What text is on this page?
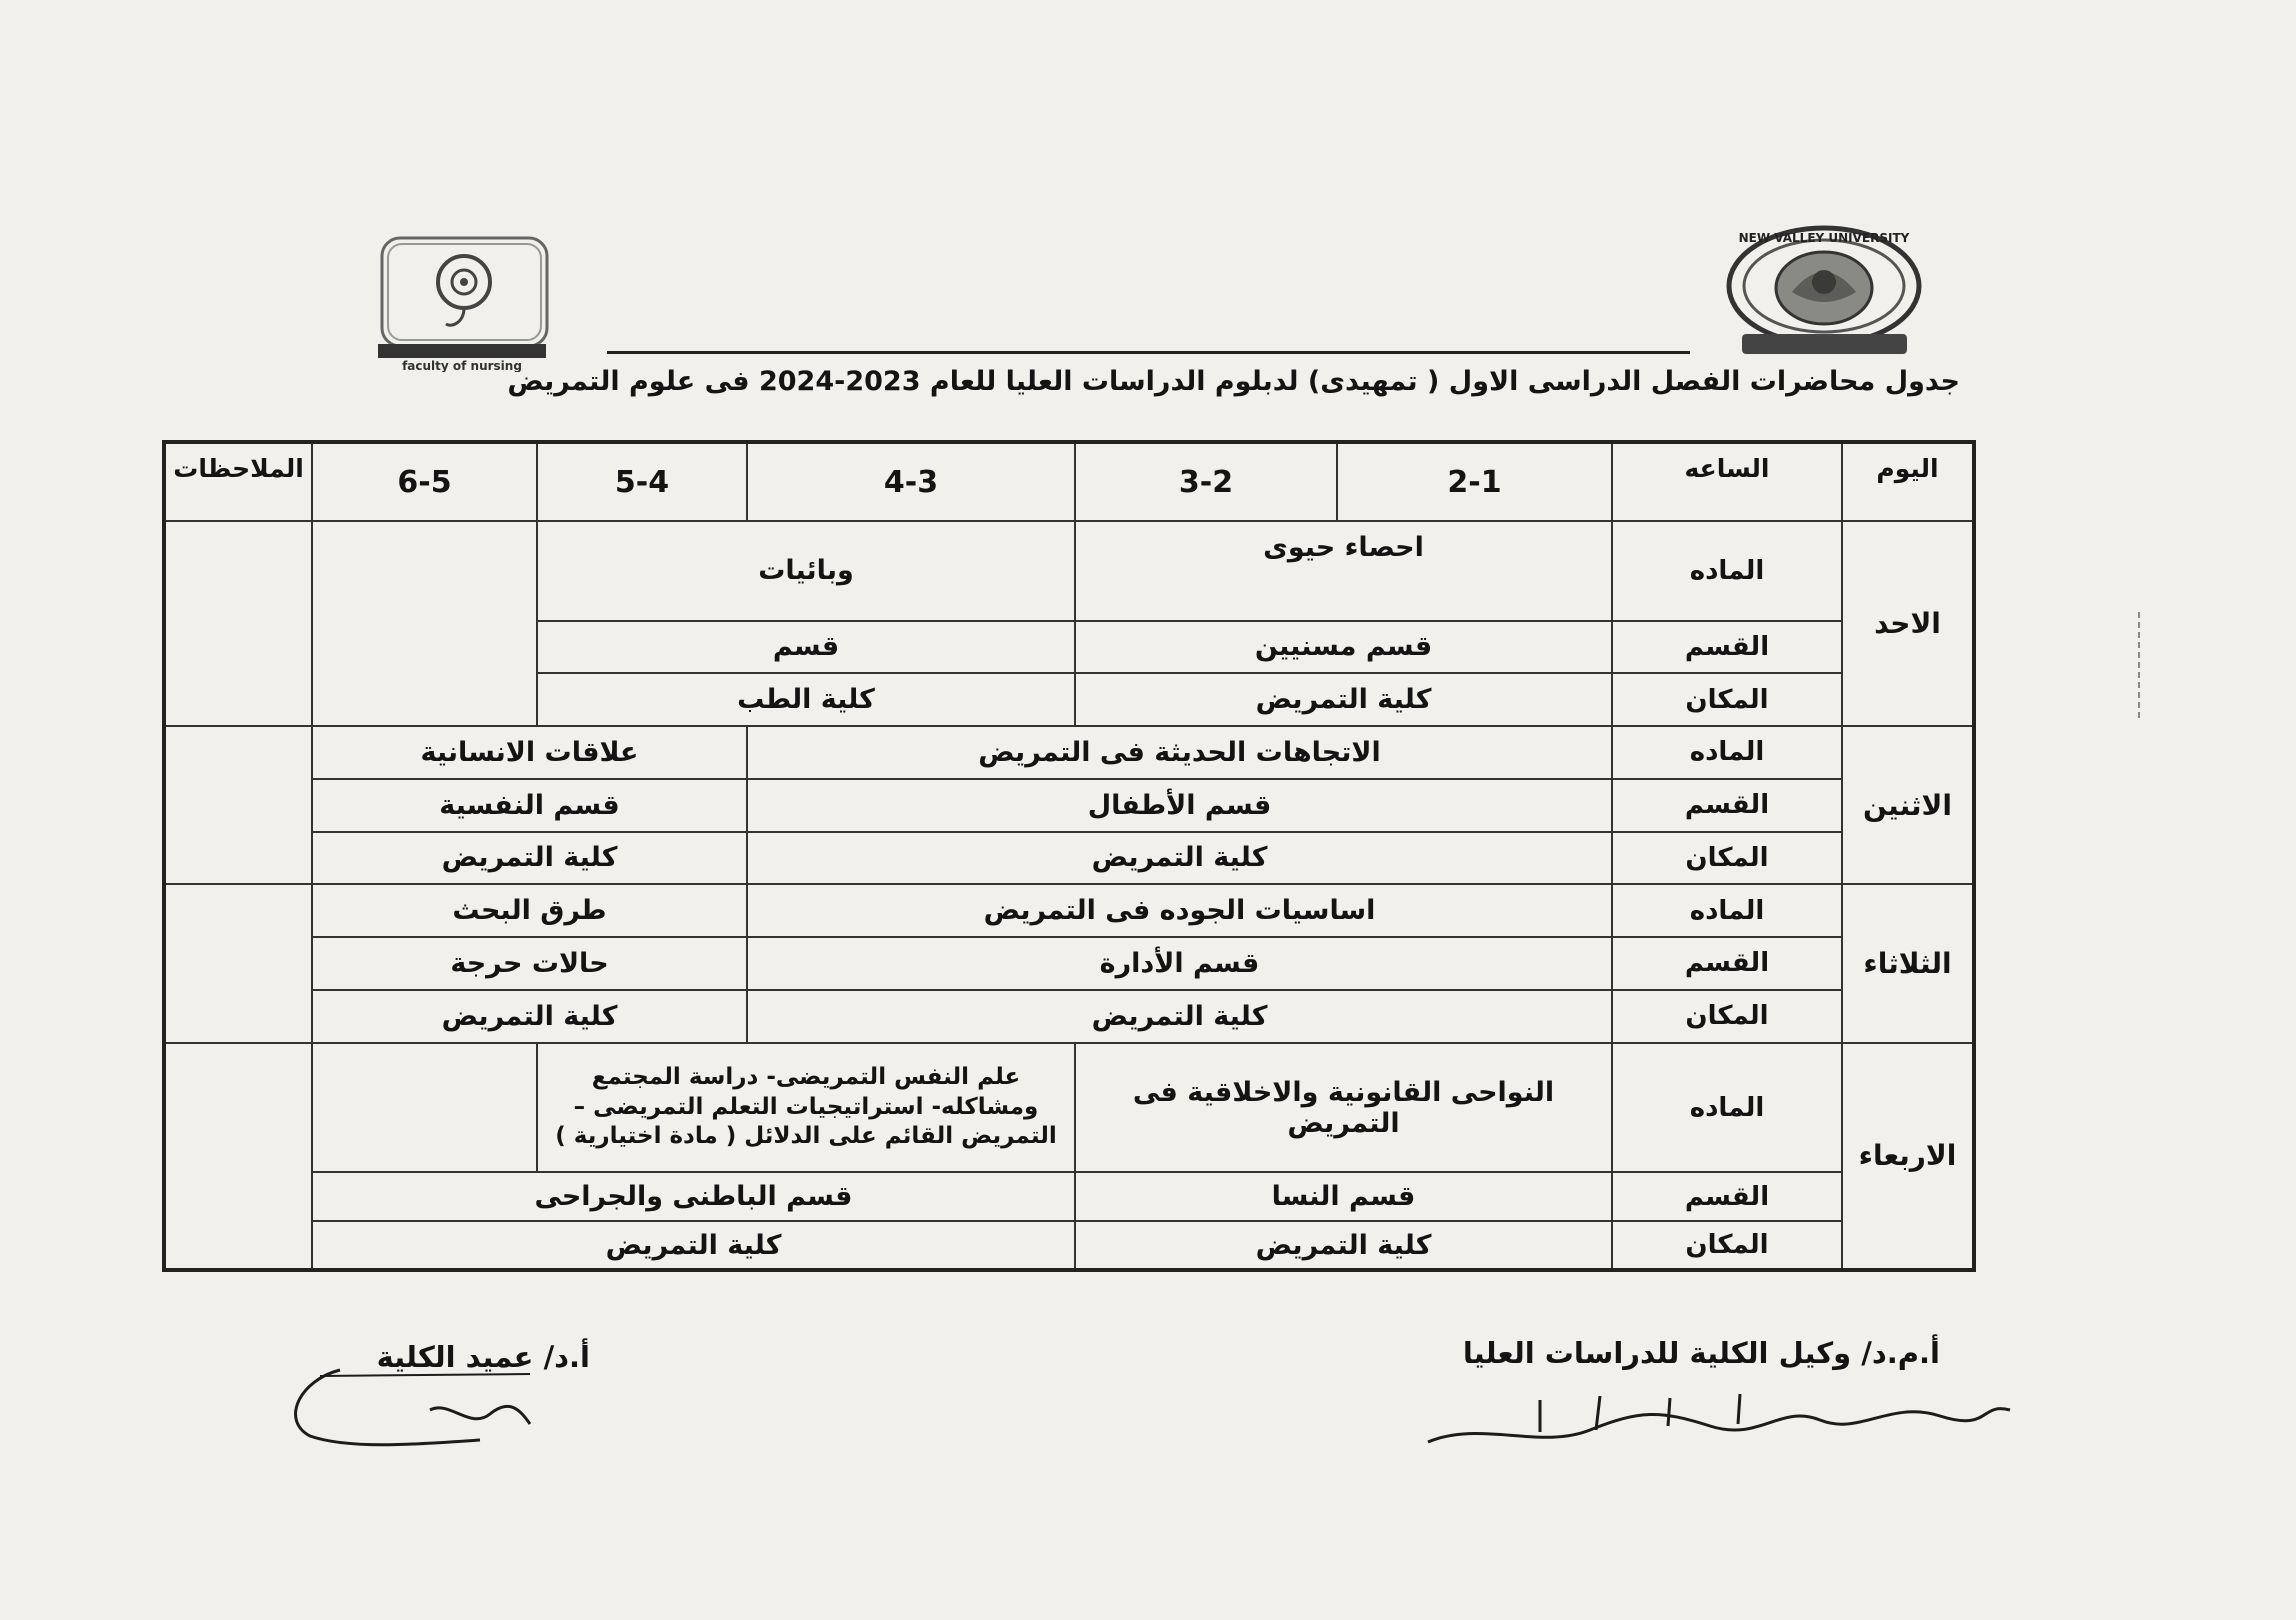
faculty of nursing
NEW VALLEY UNIVERSITY
جدول محاضرات الفصل الدراسى الاول ( تمهيدى) لدبلوم الدراسات العليا للعام 2023-2024 فى علوم التمريض
اليوم	الساعه	2-1	3-2	4-3	5-4	6-5	الملاحظات
الاحد	الماده	احصاء حيوى		وبائيات			
	القسم	قسم مسنيين		قسم			
	المكان	كلية التمريض		كلية الطب			
الاثنين	الماده	الاتجاهات الحديثة فى التمريض			علاقات الانسانية		
	القسم	قسم الأطفال			قسم النفسية		
	المكان	كلية التمريض			كلية التمريض		
الثلاثاء	الماده	اساسيات الجوده فى التمريض			طرق البحث		
	القسم	قسم الأدارة			حالات حرجة		
	المكان	كلية التمريض			كلية التمريض		
الاربعاء	الماده	النواحى القانونية والاخلاقية فى التمريض		علم النفس التمريضى- دراسة المجتمع ومشاكله- استراتيجيات التعلم التمريضى – التمريض القائم على الدلائل ( مادة اختيارية )			
	القسم	قسم النسا		قسم الباطنى والجراحى			
	المكان	كلية التمريض		كلية التمريض			
أ.م.د/ وكيل الكلية للدراسات العليا
أ.د/ عميد الكلية
